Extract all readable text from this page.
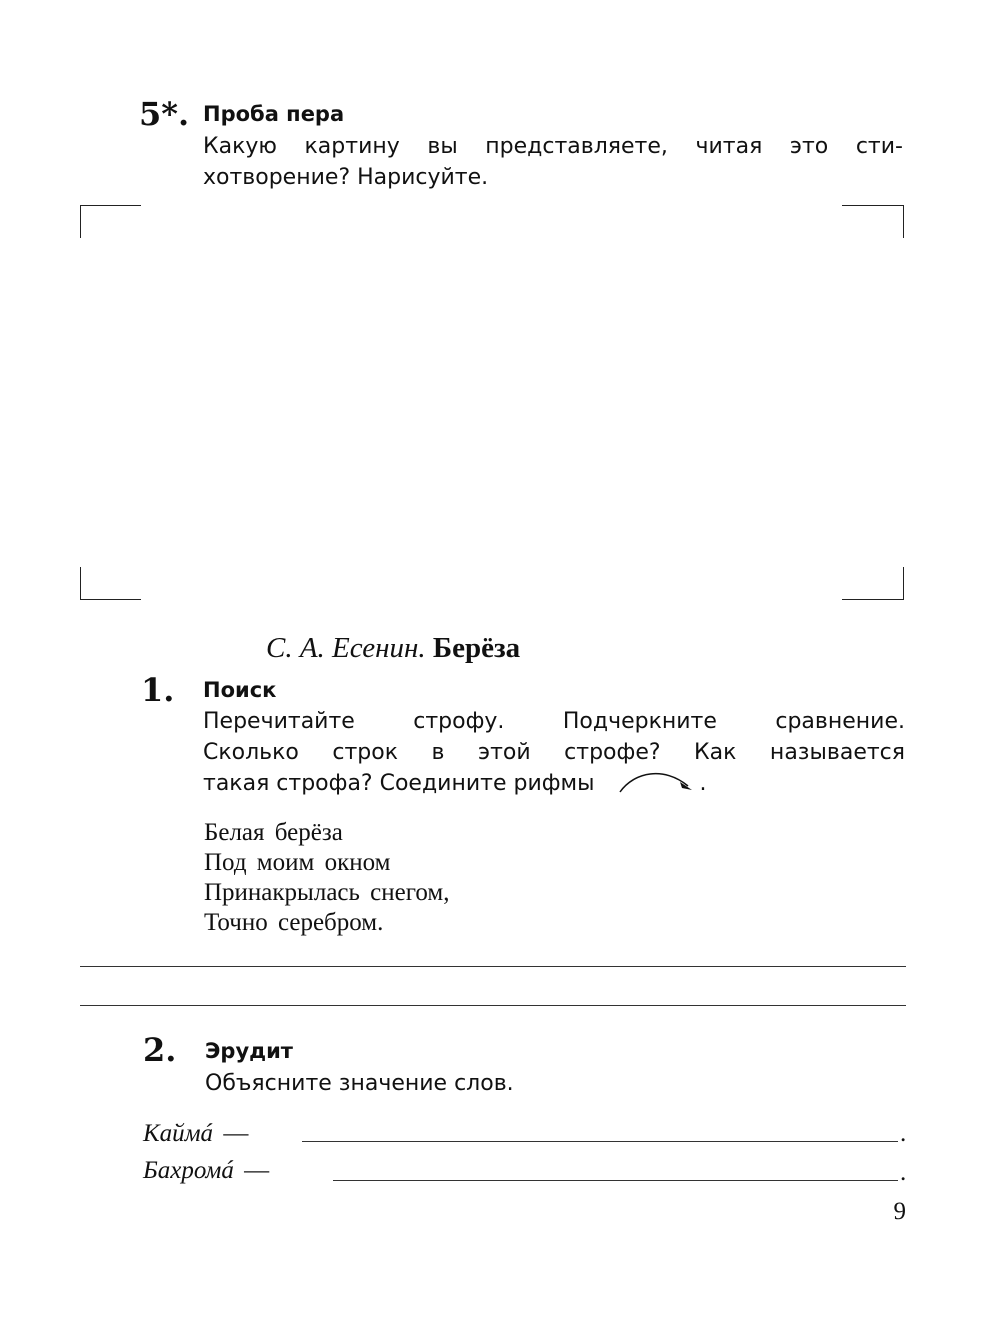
5*. Проба пера
Какую картину вы представляете, читая это сти-
хотворение? Нарисуйте.
С. А. Есенин. Берёза
1. Поиск
Перечитайте строфу. Подчеркните сравнение.
Сколько строк в этой строфе? Как называется
такая строфа? Соедините рифмы	.
Белая берёза
Под моим окном
Принакрылась снегом,
Точно серебром.
2. Эрудит
Объясните значение слов.
Каймá —	.
Бахромá —	.
9
